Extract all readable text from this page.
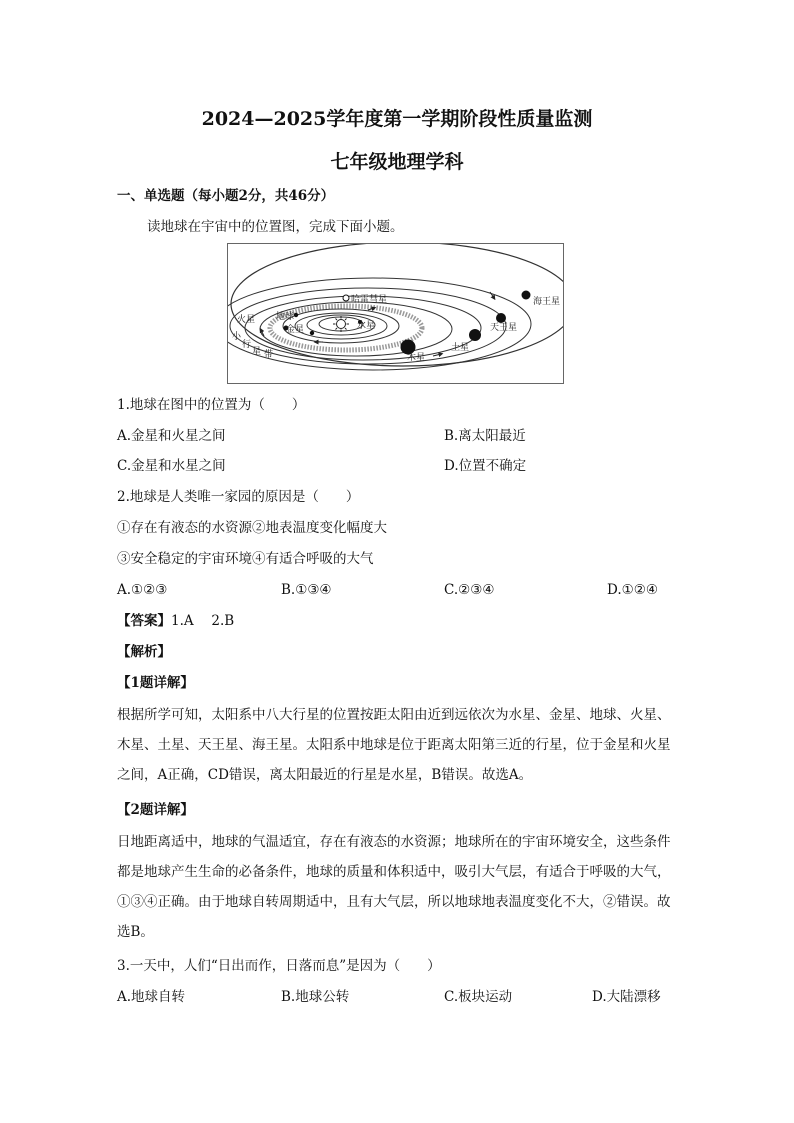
2024—2025学年度第一学期阶段性质量监测
七年级地理学科
一、单选题（每小题2分，共46分）
读地球在宇宙中的位置图，完成下面小题。
哈雷彗星
火星 地球
金星	水星
小
行
星 带	木星
土星
天王星
海王星
1.地球在图中的位置为（　　）
A.金星和火星之间	B.离太阳最近
C.金星和水星之间	D.位置不确定
2.地球是人类唯一家园的原因是（　　）
①存在有液态的水资源②地表温度变化幅度大
③安全稳定的宇宙环境④有适合呼吸的大气
A.①②③	B.①③④	C.②③④	D.①②④
【答案】1.A　 2.B
【解析】
【1题详解】
根据所学可知，太阳系中八大行星的位置按距太阳由近到远依次为水星、金星、地球、火星、木星、土星、天王星、海王星。太阳系中地球是位于距离太阳第三近的行星，位于金星和火星之间，A正确，CD错误，离太阳最近的行星是水星，B错误。故选A。
【2题详解】
日地距离适中，地球的气温适宜，存在有液态的水资源；地球所在的宇宙环境安全，这些条件都是地球产生生命的必备条件，地球的质量和体积适中，吸引大气层，有适合于呼吸的大气，①③④正确。由于地球自转周期适中，且有大气层，所以地球地表温度变化不大，②错误。故选B。
3.一天中，人们“日出而作，日落而息”是因为（　　）
A.地球自转	B.地球公转	C.板块运动	D.大陆漂移
